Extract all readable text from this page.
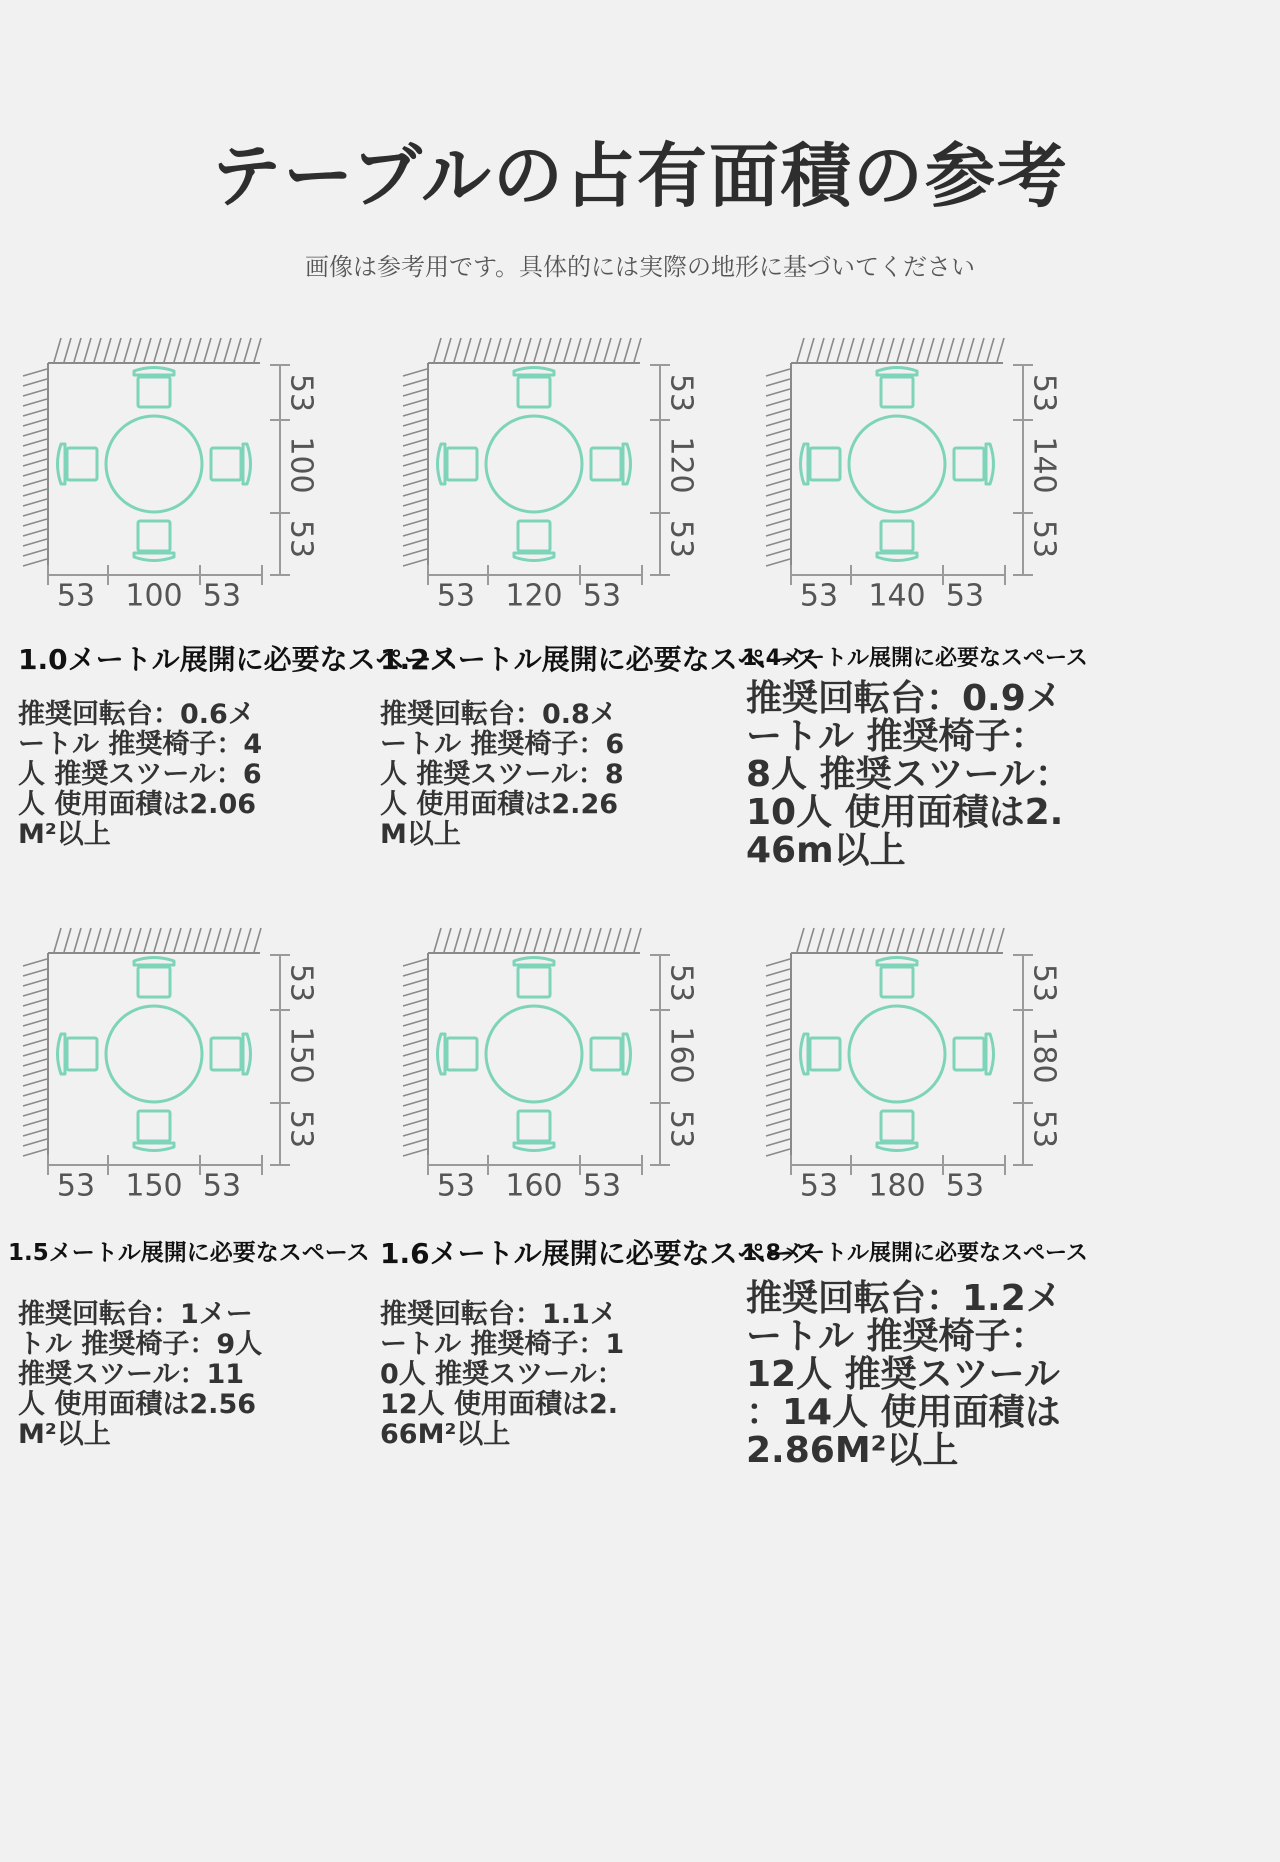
テーブルの占有面積の参考
画像は参考用です。具体的には実際の地形に基づいてください
53 100 53
53
100
53
53 120 53
53
120
53
53 140 53
53
140
53
53 150 53
53
150
53
53 160 53
53
160
53
53 180 53
53
180
53
1.0メートル展開に必要なスペース
1.2メートル展開に必要なスペース
1.4メートル展開に必要なスペース
1.5メートル展開に必要なスペース 1.6メートル展開に必要なスペース
1.8メートル展開に必要なスペース
推奨回転台：0.6メートル 推奨椅子：4人 推奨スツール：6人 使用面積は2.06M²以上
推奨回転台：0.8メートル 推奨椅子：6人 推奨スツール：8人 使用面積は2.26M以上
推奨回転台：0.9メートル 推奨椅子：8人 推奨スツール：10人 使用面積は2.46m以上
推奨回転台：1メートル 推奨椅子：9人 推奨スツール：11人 使用面積は2.56M²以上
推奨回転台：1.1メートル 推奨椅子：10人 推奨スツール：12人 使用面積は2.66M²以上
推奨回転台：1.2メートル 推奨椅子：12人 推奨スツール：14人 使用面積は2.86M²以上
